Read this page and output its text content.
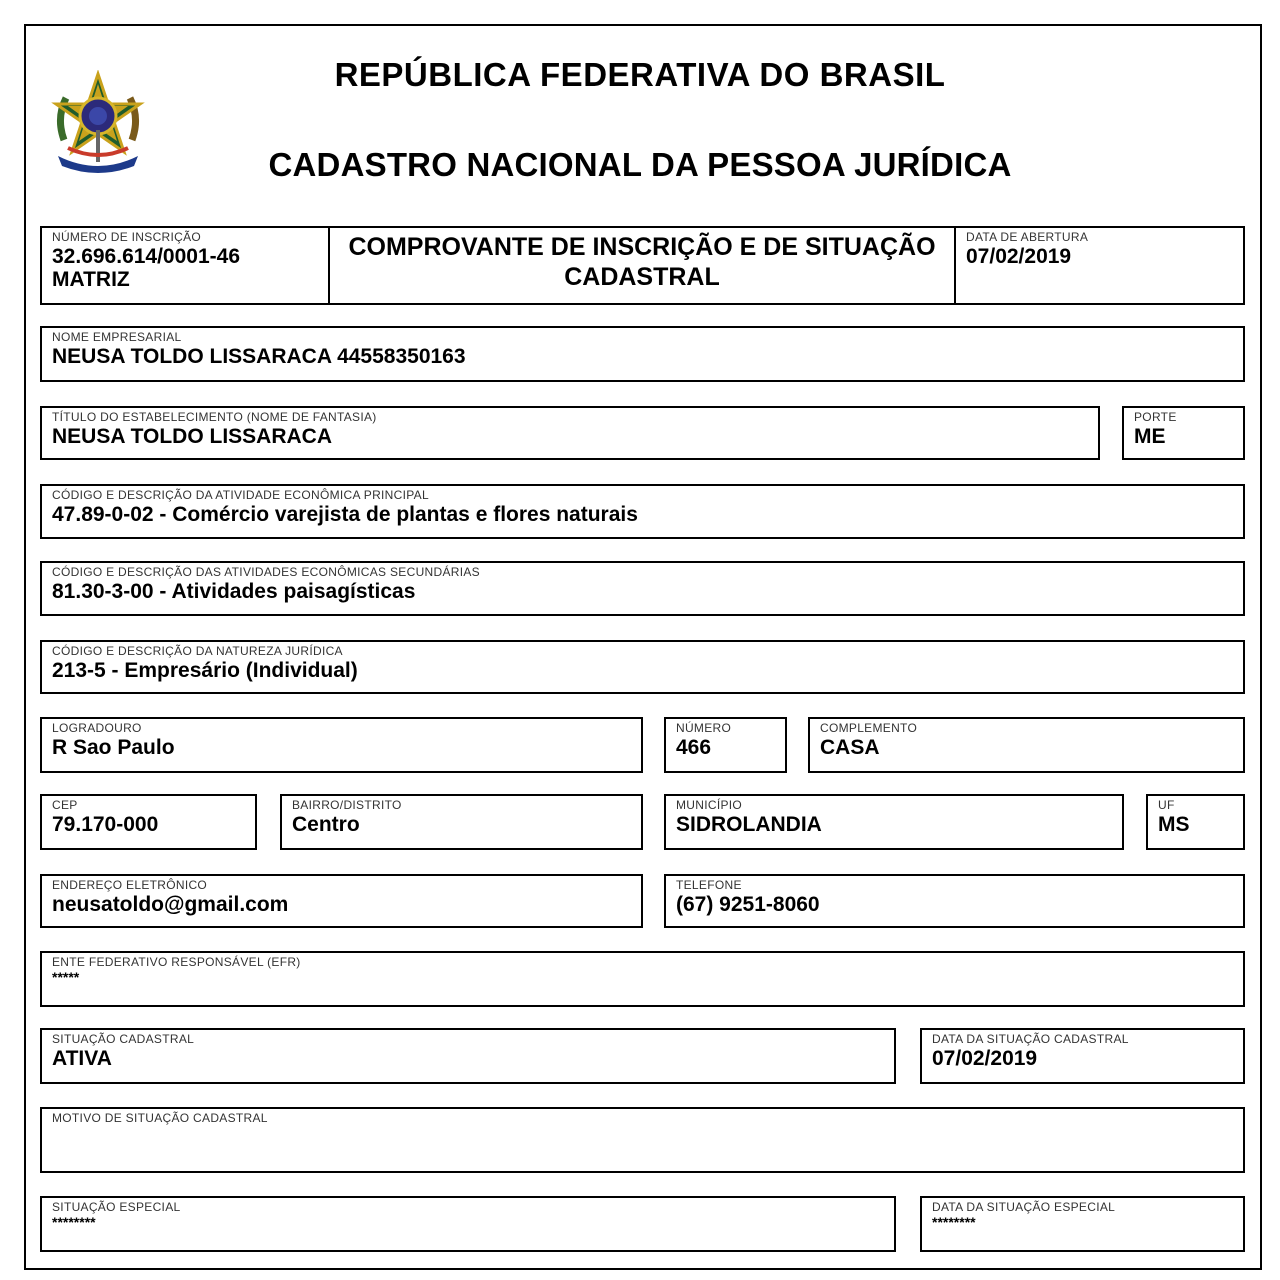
REPÚBLICA FEDERATIVA DO BRASIL
CADASTRO NACIONAL DA PESSOA JURÍDICA
NÚMERO DE INSCRIÇÃO
32.696.614/0001-46
MATRIZ
COMPROVANTE DE INSCRIÇÃO E DE SITUAÇÃO
CADASTRAL
DATA DE ABERTURA
07/02/2019
NOME EMPRESARIAL
NEUSA TOLDO LISSARACA 44558350163
TÍTULO DO ESTABELECIMENTO (NOME DE FANTASIA)
NEUSA TOLDO LISSARACA
PORTE
ME
CÓDIGO E DESCRIÇÃO DA ATIVIDADE ECONÔMICA PRINCIPAL
47.89-0-02 - Comércio varejista de plantas e flores naturais
CÓDIGO E DESCRIÇÃO DAS ATIVIDADES ECONÔMICAS SECUNDÁRIAS
81.30-3-00 - Atividades paisagísticas
CÓDIGO E DESCRIÇÃO DA NATUREZA JURÍDICA
213-5 - Empresário (Individual)
LOGRADOURO
R Sao Paulo
NÚMERO
466
COMPLEMENTO
CASA
CEP
79.170-000
BAIRRO/DISTRITO
Centro
MUNICÍPIO
SIDROLANDIA
UF
MS
ENDEREÇO ELETRÔNICO
neusatoldo@gmail.com
TELEFONE
(67) 9251-8060
ENTE FEDERATIVO RESPONSÁVEL (EFR)
*****
SITUAÇÃO CADASTRAL
ATIVA
DATA DA SITUAÇÃO CADASTRAL
07/02/2019
MOTIVO DE SITUAÇÃO CADASTRAL
SITUAÇÃO ESPECIAL
********
DATA DA SITUAÇÃO ESPECIAL
********
